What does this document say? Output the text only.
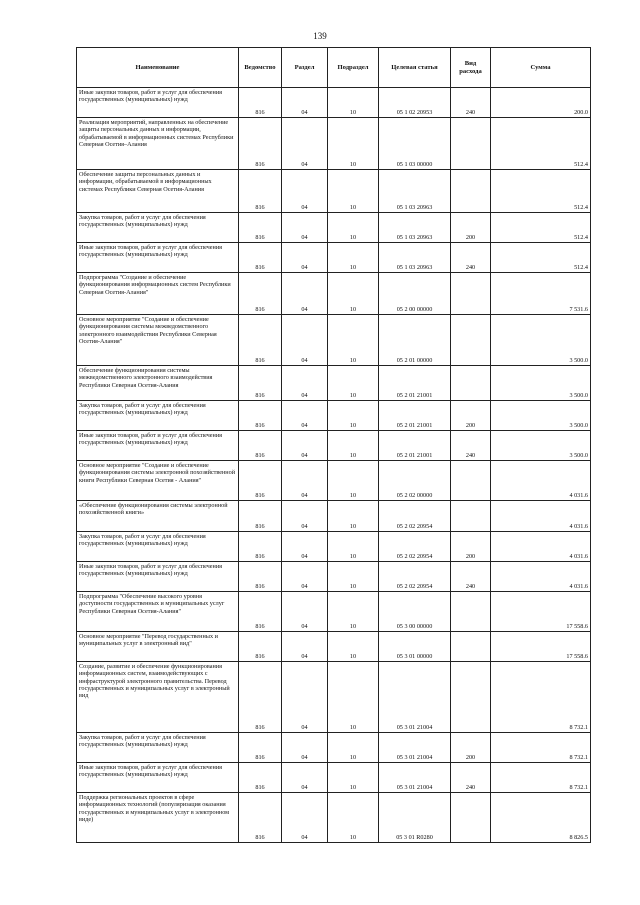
139
Наименование	Ведомство	Раздел	Подраздел	Целевая статья	Вид расхода	Сумма
Иные закупки товаров, работ и услуг для обеспечения государственных (муниципальных) нужд	816	04	10	05 1 02 20953	240	200.0
Реализация мероприятий, направленных на обеспечение защиты персональных данных и информации, обрабатываемой в информационных системах Республики Северная Осетия–Алания	816	04	10	05 1 03 00000		512.4
Обеспечение защиты персональных данных и информации, обрабатываемой в информационных системах Республики Северная Осетия-Алания	816	04	10	05 1 03 20963		512.4
Закупка товаров, работ и услуг для обеспечения государственных (муниципальных) нужд	816	04	10	05 1 03 20963	200	512.4
Иные закупки товаров, работ и услуг для обеспечения государственных (муниципальных) нужд	816	04	10	05 1 03 20963	240	512.4
Подпрограмма "Создание и обеспечение функционирования информационных систем Республики Северная Осетия-Алания"	816	04	10	05 2 00 00000		7 531.6
Основное мероприятие "Создание и обеспечение функционирования системы межведомственного электронного взаимодействия Республики Северная Осетия-Алания"	816	04	10	05 2 01 00000		3 500.0
Обеспечение функционирования системы межведомственного электронного взаимодействия Республики Северная Осетия-Алания	816	04	10	05 2 01 21001		3 500.0
Закупка товаров, работ и услуг для обеспечения государственных (муниципальных) нужд	816	04	10	05 2 01 21001	200	3 500.0
Иные закупки товаров, работ и услуг для обеспечения государственных (муниципальных) нужд	816	04	10	05 2 01 21001	240	3 500.0
Основное мероприятие "Создание и обеспечение функционирования системы электронной похозяйственной книги Республики Северная Осетия - Алания"	816	04	10	05 2 02 00000		4 031.6
«Обеспечение функционирования системы электронной похозяйственной книги»	816	04	10	05 2 02 20954		4 031.6
Закупка товаров, работ и услуг для обеспечения государственных (муниципальных) нужд	816	04	10	05 2 02 20954	200	4 031.6
Иные закупки товаров, работ и услуг для обеспечения государственных (муниципальных) нужд	816	04	10	05 2 02 20954	240	4 031.6
Подпрограмма "Обеспечение высокого уровня доступности государственных и муниципальных услуг Республики Северная Осетия-Алания"	816	04	10	05 3 00 00000		17 558.6
Основное мероприятие "Перевод государственных и муниципальных услуг в электронный вид"	816	04	10	05 3 01 00000		17 558.6
Создание, развитие и обеспечение функционирования информационных систем, взаимодействующих с инфраструктурой электронного правительства. Перевод государственных и муниципальных услуг в электронный вид	816	04	10	05 3 01 21004		8 732.1
Закупка товаров, работ и услуг для обеспечения государственных (муниципальных) нужд	816	04	10	05 3 01 21004	200	8 732.1
Иные закупки товаров, работ и услуг для обеспечения государственных (муниципальных) нужд	816	04	10	05 3 01 21004	240	8 732.1
Поддержка региональных проектов в сфере информационных технологий (популяризация оказания государственных и муниципальных услуг в электронном виде)	816	04	10	05 3 01 R0280		8 826.5
